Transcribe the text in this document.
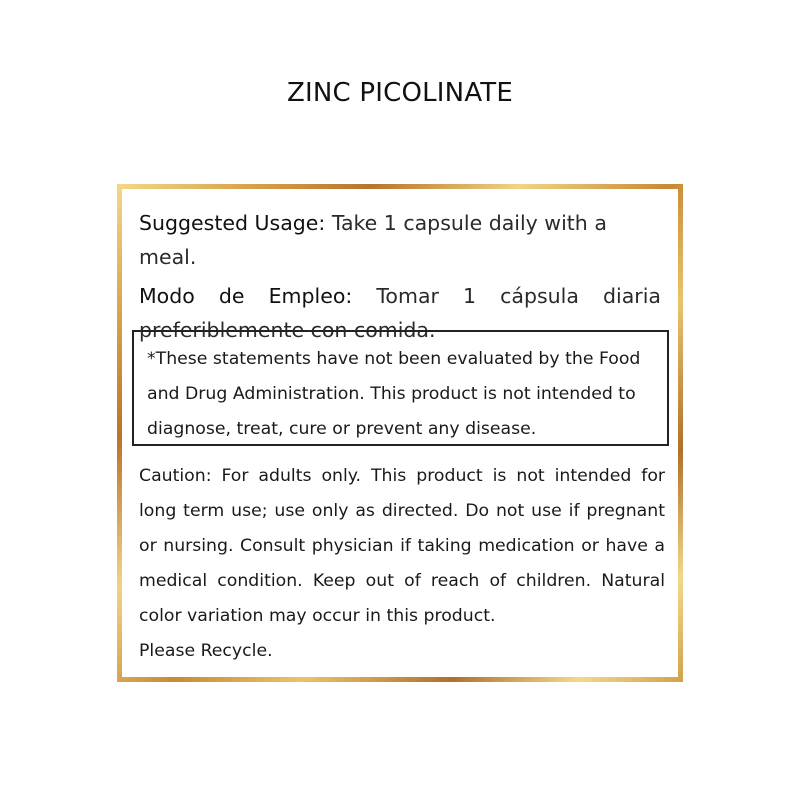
ZINC PICOLINATE

Suggested Usage: Take 1 capsule daily with a meal.

Modo de Empleo: Tomar 1 cápsula diaria preferiblemente con comida.

*These statements have not been evaluated by the Food and Drug Administration. This product is not intended to diagnose, treat, cure or prevent any disease.

Caution: For adults only. This product is not intended for long term use; use only as directed. Do not use if pregnant or nursing. Consult physician if taking medication or have a medical condition. Keep out of reach of children. Natural color variation may occur in this product.

Please Recycle.
